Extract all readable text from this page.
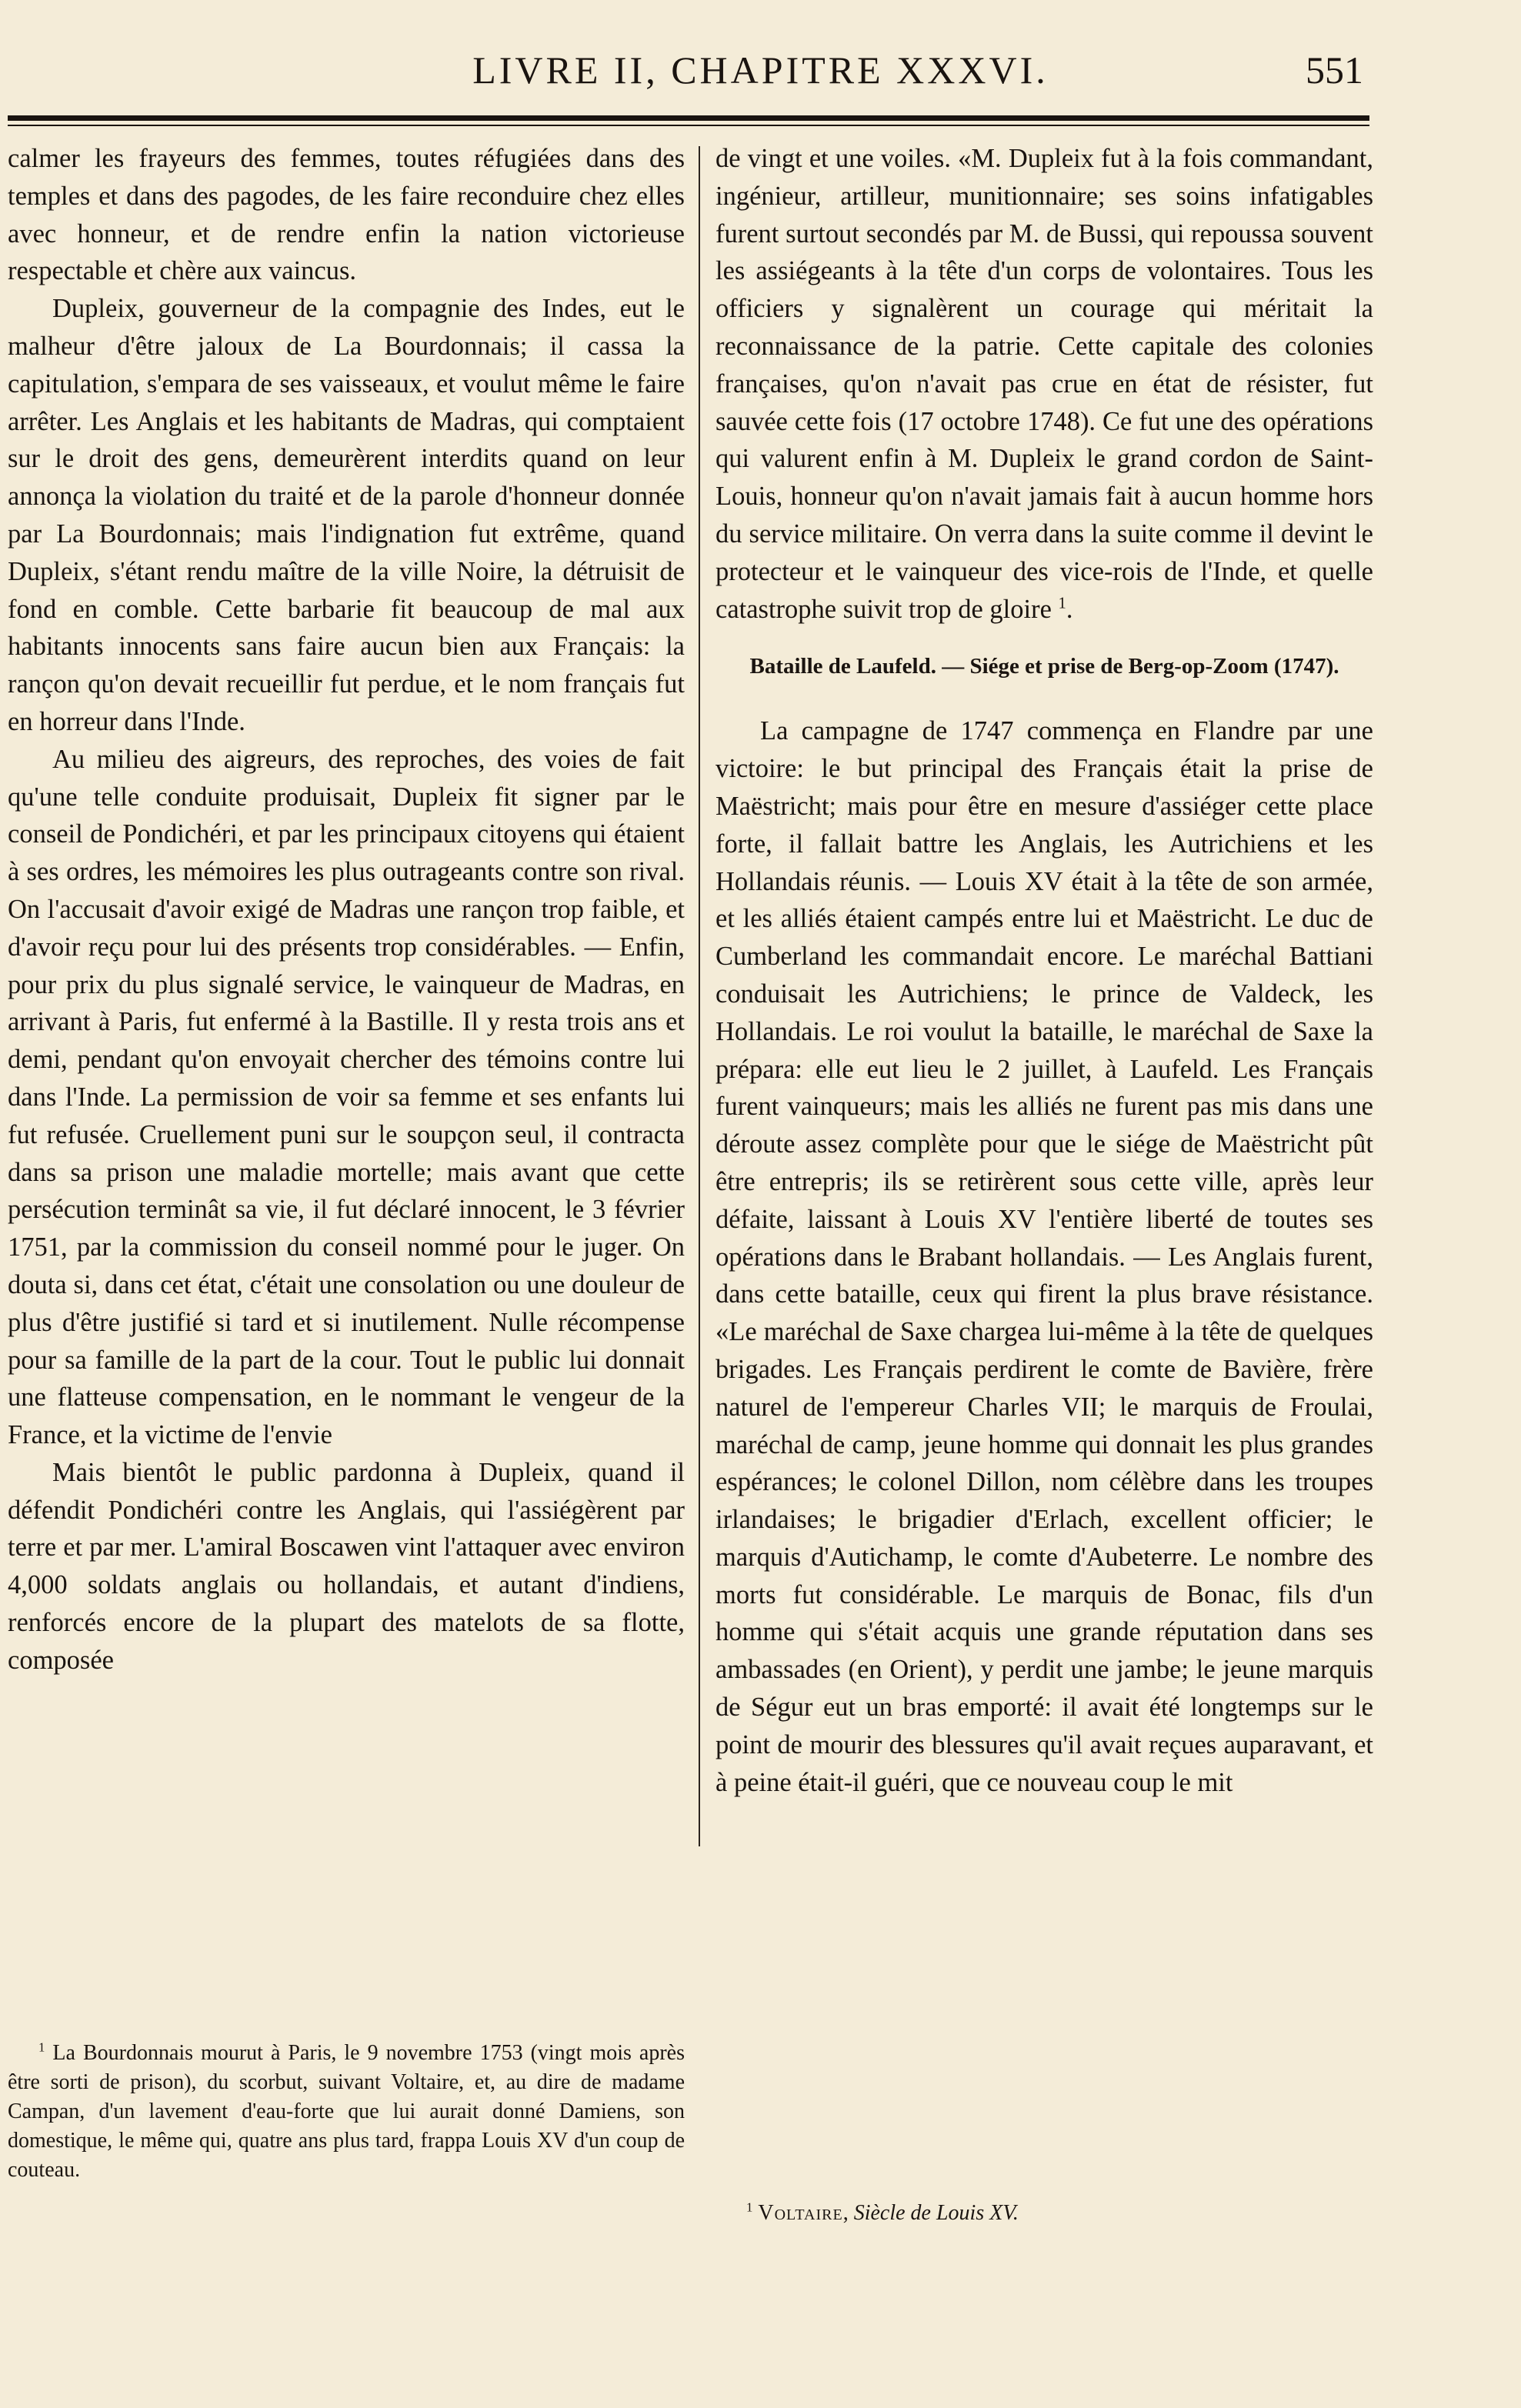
LIVRE II, CHAPITRE XXXVI.	551

calmer les frayeurs des femmes, toutes réfugiées dans des temples et dans des pagodes, de les faire reconduire chez elles avec honneur, et de rendre enfin la nation victorieuse respectable et chère aux vaincus.

Dupleix, gouverneur de la compagnie des Indes, eut le malheur d'être jaloux de La Bourdonnais; il cassa la capitulation, s'empara de ses vaisseaux, et voulut même le faire arrêter. Les Anglais et les habitants de Madras, qui comptaient sur le droit des gens, demeurèrent interdits quand on leur annonça la violation du traité et de la parole d'honneur donnée par La Bourdonnais; mais l'indignation fut extrême, quand Dupleix, s'étant rendu maître de la ville Noire, la détruisit de fond en comble. Cette barbarie fit beaucoup de mal aux habitants innocents sans faire aucun bien aux Français: la rançon qu'on devait recueillir fut perdue, et le nom français fut en horreur dans l'Inde.

Au milieu des aigreurs, des reproches, des voies de fait qu'une telle conduite produisait, Dupleix fit signer par le conseil de Pondichéri, et par les principaux citoyens qui étaient à ses ordres, les mémoires les plus outrageants contre son rival. On l'accusait d'avoir exigé de Madras une rançon trop faible, et d'avoir reçu pour lui des présents trop considérables. — Enfin, pour prix du plus signalé service, le vainqueur de Madras, en arrivant à Paris, fut enfermé à la Bastille. Il y resta trois ans et demi, pendant qu'on envoyait chercher des témoins contre lui dans l'Inde. La permission de voir sa femme et ses enfants lui fut refusée. Cruellement puni sur le soupçon seul, il contracta dans sa prison une maladie mortelle; mais avant que cette persécution terminât sa vie, il fut déclaré innocent, le 3 février 1751, par la commission du conseil nommé pour le juger. On douta si, dans cet état, c'était une consolation ou une douleur de plus d'être justifié si tard et si inutilement. Nulle récompense pour sa famille de la part de la cour. Tout le public lui donnait une flatteuse compensation, en le nommant le vengeur de la France, et la victime de l'envie

Mais bientôt le public pardonna à Dupleix, quand il défendit Pondichéri contre les Anglais, qui l'assiégèrent par terre et par mer. L'amiral Boscawen vint l'attaquer avec environ 4,000 soldats anglais ou hollandais, et autant d'indiens, renforcés encore de la plupart des matelots de sa flotte, composée

$^1$ La Bourdonnais mourut à Paris, le 9 novembre 1753 (vingt mois après être sorti de prison), du scorbut, suivant Voltaire, et, au dire de madame Campan, d'un lavement d'eau-forte que lui aurait donné Damiens, son domestique, le même qui, quatre ans plus tard, frappa Louis XV d'un coup de couteau.

de vingt et une voiles. «M. Dupleix fut à la fois commandant, ingénieur, artilleur, munitionnaire; ses soins infatigables furent surtout secondés par M. de Bussi, qui repoussa souvent les assiégeants à la tête d'un corps de volontaires. Tous les officiers y signalèrent un courage qui méritait la reconnaissance de la patrie. Cette capitale des colonies françaises, qu'on n'avait pas crue en état de résister, fut sauvée cette fois (17 octobre 1748). Ce fut une des opérations qui valurent enfin à M. Dupleix le grand cordon de Saint-Louis, honneur qu'on n'avait jamais fait à aucun homme hors du service militaire. On verra dans la suite comme il devint le protecteur et le vainqueur des vice-rois de l'Inde, et quelle catastrophe suivit trop de gloire $^1$.

Bataille de Laufeld. — Siége et prise de Berg-op-Zoom (1747).

La campagne de 1747 commença en Flandre par une victoire: le but principal des Français était la prise de Maëstricht; mais pour être en mesure d'assiéger cette place forte, il fallait battre les Anglais, les Autrichiens et les Hollandais réunis. — Louis XV était à la tête de son armée, et les alliés étaient campés entre lui et Maëstricht. Le duc de Cumberland les commandait encore. Le maréchal Battiani conduisait les Autrichiens; le prince de Valdeck, les Hollandais. Le roi voulut la bataille, le maréchal de Saxe la prépara: elle eut lieu le 2 juillet, à Laufeld. Les Français furent vainqueurs; mais les alliés ne furent pas mis dans une déroute assez complète pour que le siége de Maëstricht pût être entrepris; ils se retirèrent sous cette ville, après leur défaite, laissant à Louis XV l'entière liberté de toutes ses opérations dans le Brabant hollandais. — Les Anglais furent, dans cette bataille, ceux qui firent la plus brave résistance. «Le maréchal de Saxe chargea lui-même à la tête de quelques brigades. Les Français perdirent le comte de Bavière, frère naturel de l'empereur Charles VII; le marquis de Froulai, maréchal de camp, jeune homme qui donnait les plus grandes espérances; le colonel Dillon, nom célèbre dans les troupes irlandaises; le brigadier d'Erlach, excellent officier; le marquis d'Autichamp, le comte d'Aubeterre. Le nombre des morts fut considérable. Le marquis de Bonac, fils d'un homme qui s'était acquis une grande réputation dans ses ambassades (en Orient), y perdit une jambe; le jeune marquis de Ségur eut un bras emporté: il avait été longtemps sur le point de mourir des blessures qu'il avait reçues auparavant, et à peine était-il guéri, que ce nouveau coup le mit

$^1$ Voltaire, Siècle de Louis XV.
